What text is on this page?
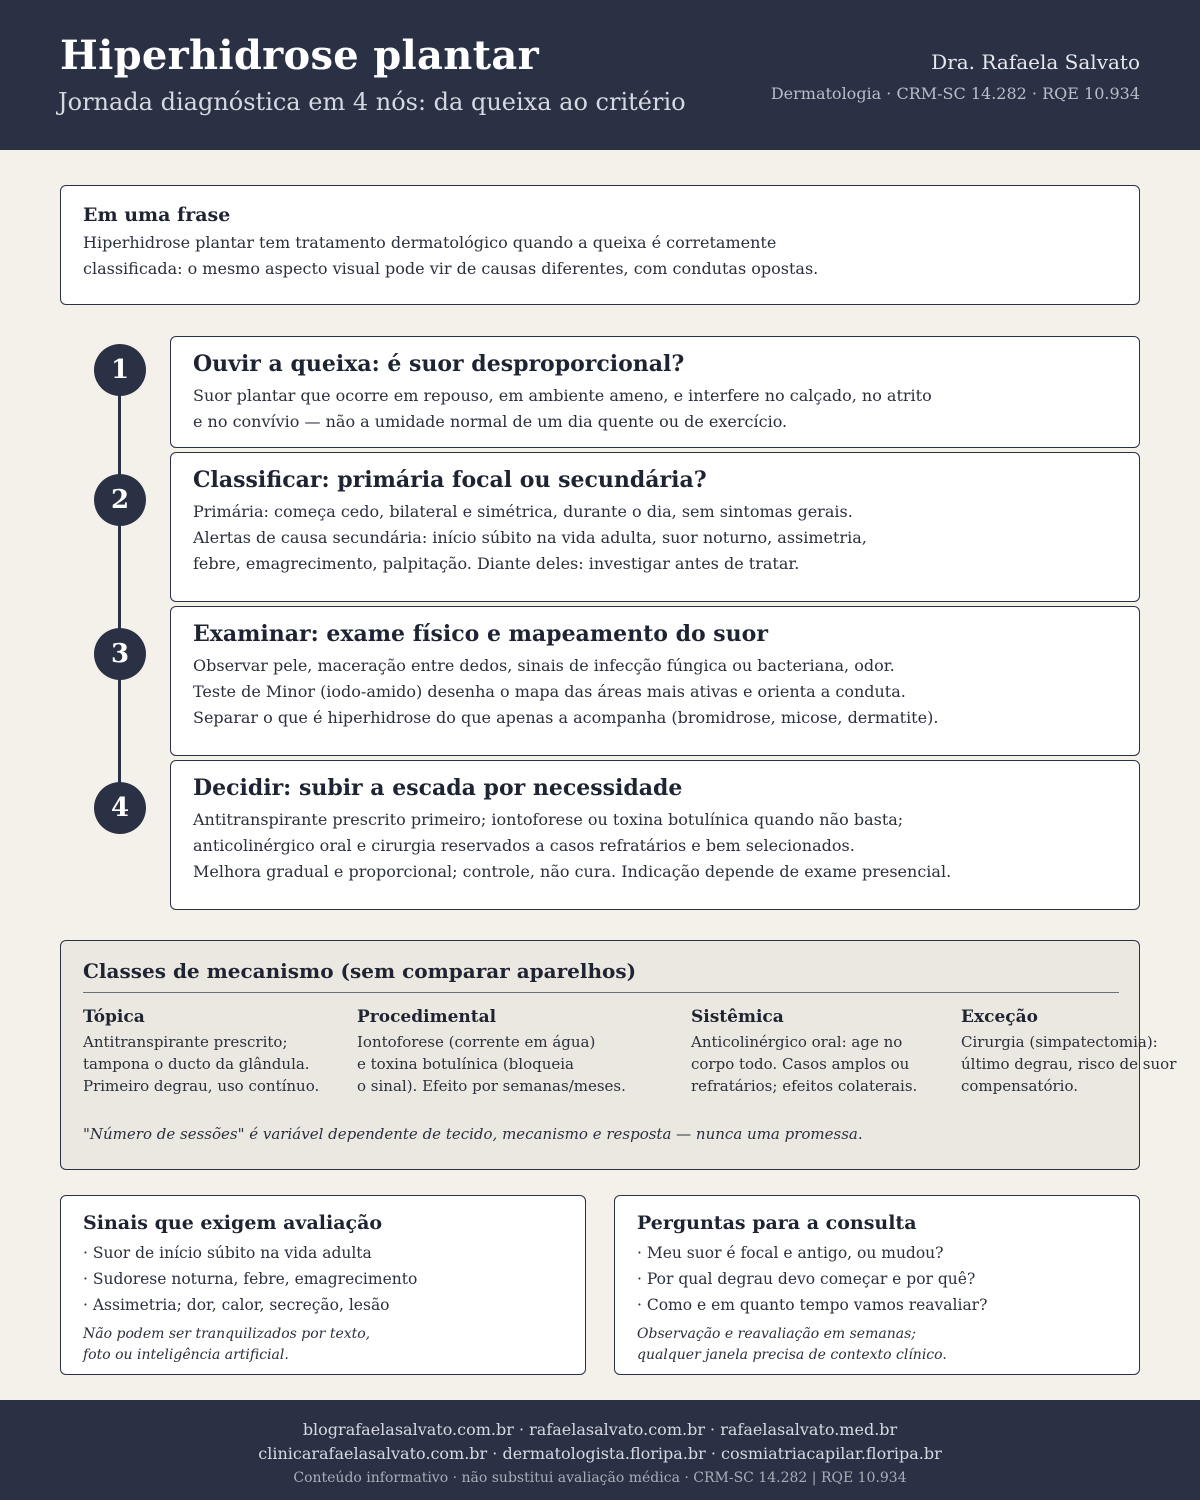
Hiperhidrose plantar
Jornada diagnóstica em 4 nós: da queixa ao critério
Dra. Rafaela Salvato
Dermatologia · CRM-SC 14.282 · RQE 10.934
Em uma frase
Hiperhidrose plantar tem tratamento dermatológico quando a queixa é corretamente
classificada: o mesmo aspecto visual pode vir de causas diferentes, com condutas opostas.
1	Ouvir a queixa: é suor desproporcional?
Suor plantar que ocorre em repouso, em ambiente ameno, e interfere no calçado, no atrito
e no convívio — não a umidade normal de um dia quente ou de exercício.
2
Classificar: primária focal ou secundária?
Primária: começa cedo, bilateral e simétrica, durante o dia, sem sintomas gerais.
Alertas de causa secundária: início súbito na vida adulta, suor noturno, assimetria,
febre, emagrecimento, palpitação. Diante deles: investigar antes de tratar.
3
Examinar: exame físico e mapeamento do suor
Observar pele, maceração entre dedos, sinais de infecção fúngica ou bacteriana, odor.
Teste de Minor (iodo-amido) desenha o mapa das áreas mais ativas e orienta a conduta.
Separar o que é hiperhidrose do que apenas a acompanha (bromidrose, micose, dermatite).
4
Decidir: subir a escada por necessidade
Antitranspirante prescrito primeiro; iontoforese ou toxina botulínica quando não basta;
anticolinérgico oral e cirurgia reservados a casos refratários e bem selecionados.
Melhora gradual e proporcional; controle, não cura. Indicação depende de exame presencial.
Classes de mecanismo (sem comparar aparelhos)
Tópica
Antitranspirante prescrito;
tampona o ducto da glândula.
Primeiro degrau, uso contínuo.
Procedimental
Iontoforese (corrente em água)
e toxina botulínica (bloqueia
o sinal). Efeito por semanas/meses.
Sistêmica
Anticolinérgico oral: age no
corpo todo. Casos amplos ou
refratários; efeitos colaterais.
Exceção
Cirurgia (simpatectomia):
último degrau, risco de suor
compensatório.
"Número de sessões" é variável dependente de tecido, mecanismo e resposta — nunca uma promessa.
Sinais que exigem avaliação
· Suor de início súbito na vida adulta
· Sudorese noturna, febre, emagrecimento
· Assimetria; dor, calor, secreção, lesão
Não podem ser tranquilizados por texto,
foto ou inteligência artificial.
Perguntas para a consulta
· Meu suor é focal e antigo, ou mudou?
· Por qual degrau devo começar e por quê?
· Como e em quanto tempo vamos reavaliar?
Observação e reavaliação em semanas;
qualquer janela precisa de contexto clínico.
blografaelasalvato.com.br · rafaelasalvato.com.br · rafaelasalvato.med.br
clinicarafaelasalvato.com.br · dermatologista.floripa.br · cosmiatriacapilar.floripa.br
Conteúdo informativo · não substitui avaliação médica · CRM-SC 14.282 | RQE 10.934
